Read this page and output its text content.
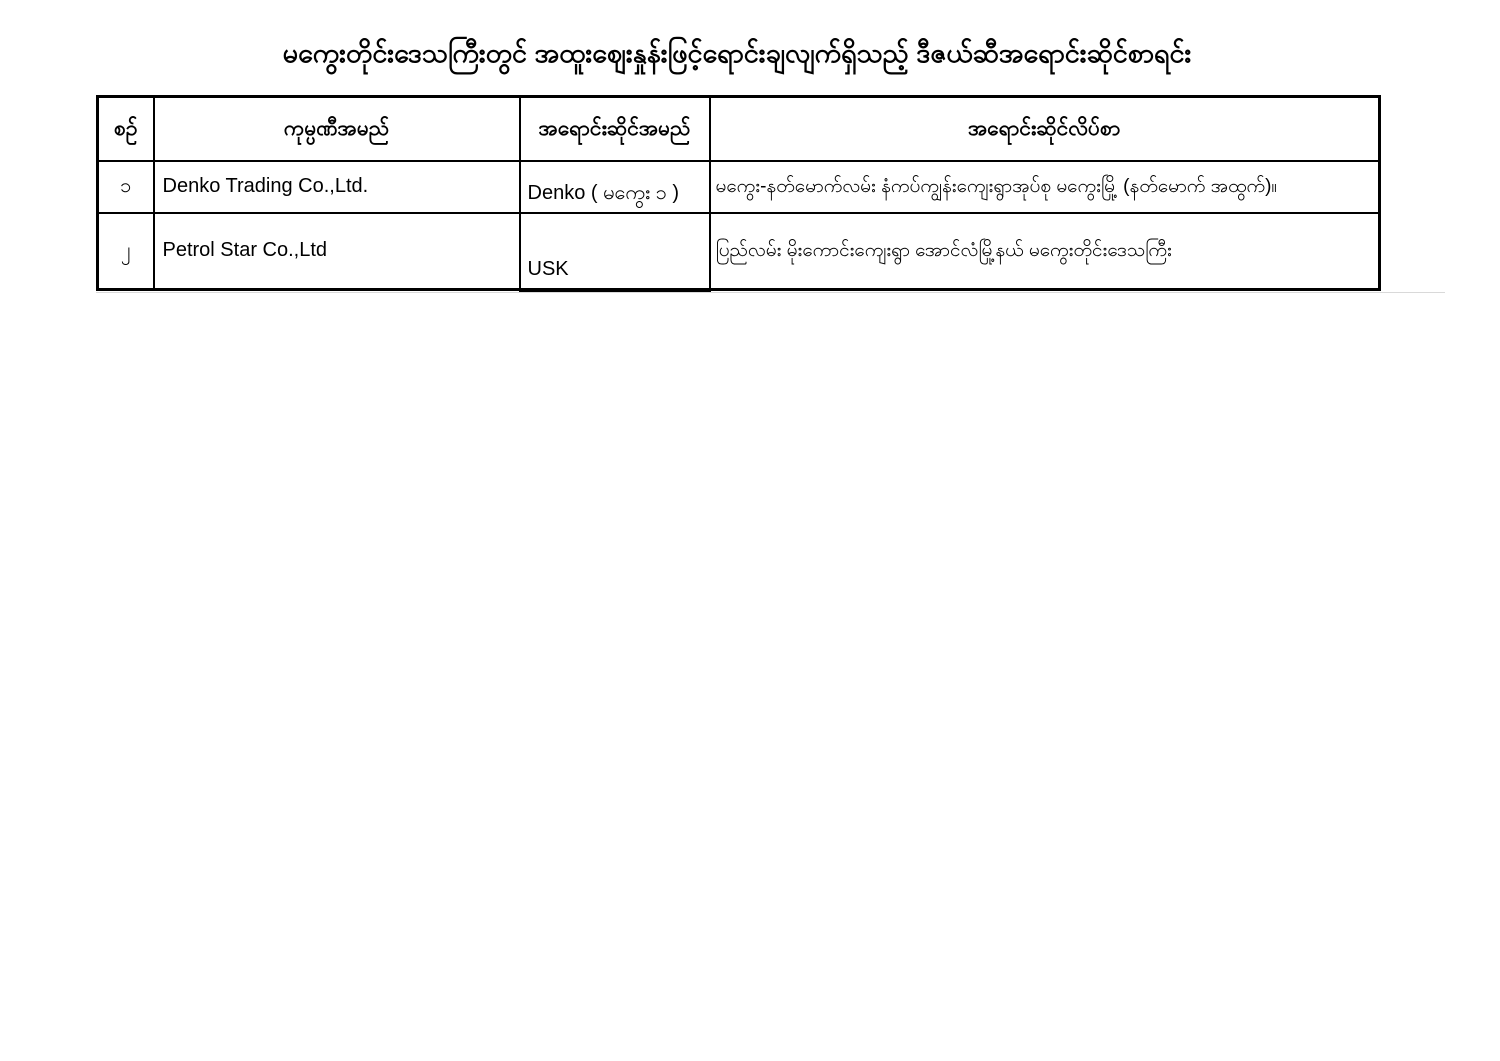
မကွေးတိုင်းဒေသကြီးတွင် အထူးဈေးနှုန်းဖြင့်ရောင်းချလျက်ရှိသည့် ဒီဇယ်ဆီအရောင်းဆိုင်စာရင်း
စဉ်	ကုမ္ပဏီအမည်	အရောင်းဆိုင်အမည်	အရောင်းဆိုင်လိပ်စာ
၁	Denko Trading Co.,Ltd.	Denko ( မကွေး ၁ )	မကွေး-နတ်မောက်လမ်း နံကပ်ကျွန်းကျေးရွာအုပ်စု မကွေးမြို့ (နတ်မောက် အထွက်)။
၂	Petrol Star Co.,Ltd	USK	ပြည်လမ်း မိုးကောင်းကျေးရွာ အောင်လံမြို့နယ် မကွေးတိုင်းဒေသကြီး
